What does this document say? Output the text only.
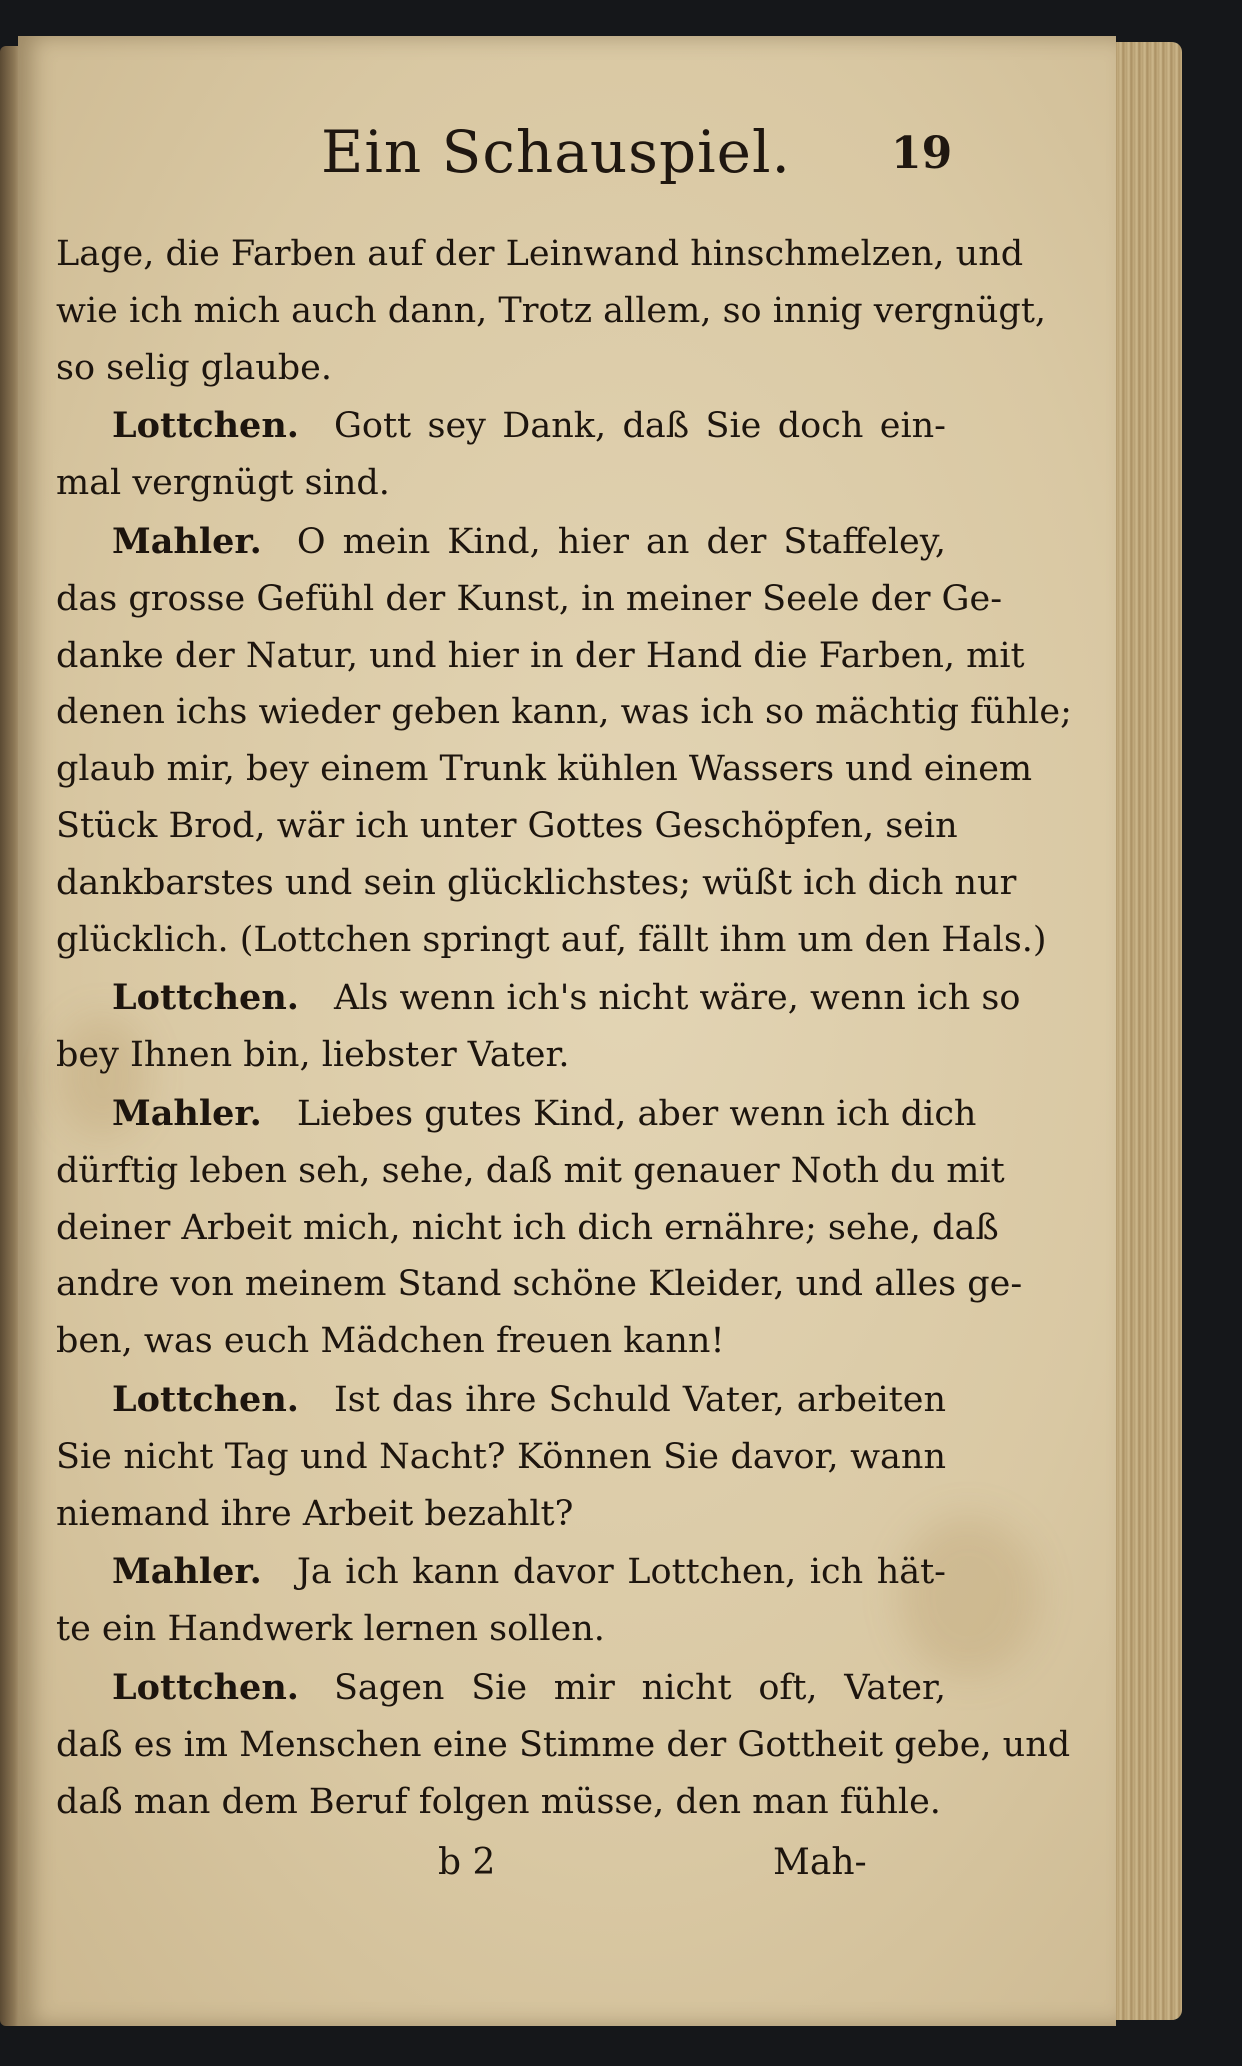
Ein Schauspiel. 19
Lage, die Farben auf der Leinwand hinschmelzen, und
wie ich mich auch dann, Trotz allem, so innig vergnügt,
so selig glaube.
Lottchen.  Gott sey Dank, daß Sie doch ein-
mal vergnügt sind.
Mahler.  O mein Kind, hier an der Staffeley,
das grosse Gefühl der Kunst, in meiner Seele der Ge-
danke der Natur, und hier in der Hand die Farben, mit
denen ichs wieder geben kann, was ich so mächtig fühle;
glaub mir, bey einem Trunk kühlen Wassers und einem
Stück Brod, wär ich unter Gottes Geschöpfen, sein
dankbarstes und sein glücklichstes; wüßt ich dich nur
glücklich. (Lottchen springt auf, fällt ihm um den Hals.)
Lottchen.  Als wenn ich's nicht wäre, wenn ich so
bey Ihnen bin, liebster Vater.
Mahler.  Liebes gutes Kind, aber wenn ich dich
dürftig leben seh, sehe, daß mit genauer Noth du mit
deiner Arbeit mich, nicht ich dich ernähre; sehe, daß
andre von meinem Stand schöne Kleider, und alles ge-
ben, was euch Mädchen freuen kann!
Lottchen.  Ist das ihre Schuld Vater, arbeiten
Sie nicht Tag und Nacht? Können Sie davor, wann
niemand ihre Arbeit bezahlt?
Mahler.  Ja ich kann davor Lottchen, ich hät-
te ein Handwerk lernen sollen.
Lottchen.  Sagen Sie mir nicht oft, Vater,
daß es im Menschen eine Stimme der Gottheit gebe, und
daß man dem Beruf folgen müsse, den man fühle.
b 2	Mah-
